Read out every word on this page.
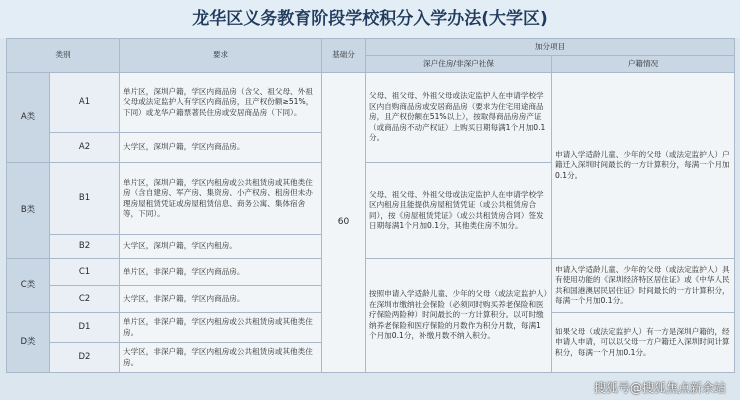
龙华区义务教育阶段学校积分入学办法(大学区)
类别		要求	基础分	加分项目	
				深户住房/非深户社保	户籍情况
A类	A1	单片区，深圳户籍，学区内商品房（含父、祖父母、外祖父母或法定监护人有学区内商品房，且产权份额≥51%，下同）或龙华户籍票著民住房或安居商品房（下同）。	60	父母、祖父母、外祖父母或法定监护人在申请学校学区内自购商品房或安居商品房（要求为住宅用途商品房，且产权份额在51%以上），按取得商品房房产证（或商品房不动产权证）上购买日期每满1个月加0.1分。	申请入学适龄儿童、少年的父母（或法定监护人）户籍迁入深圳时间最长的一方计算积分，每满一个月加0.1分。
	A2	大学区，深圳户籍，学区内商品房。			
B类	B1	单片区，深圳户籍，学区内租房或公共租赁房或其他类住房（含自建房、军产房、集资房、小产权房、租房但未办理房屋租赁凭证或房屋租赁信息、商务公寓、集体宿舍等，下同）。		父母、祖父母、外祖父母或法定监护人在申请学校学区内租房且能提供房屋租赁凭证（或公共租赁房合同），按《房屋租赁凭证》（或公共租赁房合同）签发日期每满1个月加0.1分，其他类住房不加分。	
	B2	大学区，深圳户籍，学区内租房。			
C类	C1	单片区，非深户籍，学区内商品房。		按照申请入学适龄儿童、少年的父母（或法定监护人）在深圳市缴纳社会保险（必须同时购买养老保险和医疗保险两险种）时间最长的一方计算积分。以可时缴纳养老保险和医疗保险的月数作为积分月数，每满1个月加0.1分，补缴月数不纳入积分。	申请入学适龄儿童、少年的父母（或法定监护人）具有使用功能的《深圳经济特区居住证》或《中华人民共和国港澳居民居住证》时间最长的一方计算积分，每满一个月加0.1分。
	C2	大学区，非深户籍，学区内商品房。			
D类	D1	单片区，非深户籍，学区内租房或公共租赁房或其他类住房。			如果父母（或法定监护人）有一方是深圳户籍的，经申请人申请，可以以父母一方户籍迁入深圳时间计算积分，每满一个月加0.1分。
	D2	大学区，非深户籍，学区内租房或公共租赁房或其他类住房。			
搜狐号@搜狐焦点新余站
